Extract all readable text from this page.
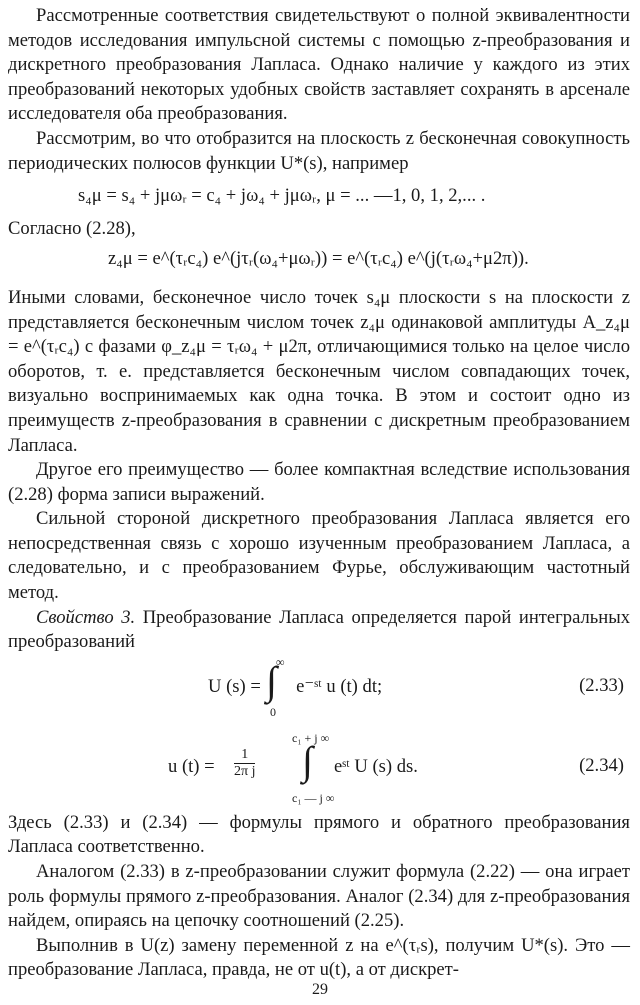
Рассмотренные соответствия свидетельствуют о полной эквивалентности методов исследования импульсной системы с помощью z-преобразования и дискретного преобразования Лапласа. Однако наличие у каждого из этих преобразований некоторых удобных свойств заставляет сохранять в арсенале исследователя оба преобразования.

Рассмотрим, во что отобразится на плоскость z бесконечная совокупность периодических полюсов функции U*(s), например

s₄μ = s₄ + jμωᵣ = c₄ + jω₄ + jμωᵣ, μ = ... —1, 0, 1, 2,... .

Согласно (2.28),

z₄μ = e^(τᵣc₄) e^(jτᵣ(ω₄+μωᵣ)) = e^(τᵣc₄) e^(j(τᵣω₄+μ2π)).

Иными словами, бесконечное число точек s₄μ плоскости s на плоскости z представляется бесконечным числом точек z₄μ одинаковой амплитуды A_z₄μ = e^(τᵣc₄) с фазами φ_z₄μ = τᵣω₄ + μ2π, отличающимися только на целое число оборотов, т. е. представляется бесконечным числом совпадающих точек, визуально воспринимаемых как одна точка. В этом и состоит одно из преимуществ z-преобразования в сравнении с дискретным преобразованием Лапласа.

Другое его преимущество — более компактная вследствие использования (2.28) форма записи выражений.

Сильной стороной дискретного преобразования Лапласа является его непосредственная связь с хорошо изученным преобразованием Лапласа, а следовательно, и с преобразованием Фурье, обслуживающим частотный метод.

Свойство 3. Преобразование Лапласа определяется парой интегральных преобразований

U (s) = e⁻ˢᵗ u (t) dt;
∫ ∞
0
(2.33)
u (t) =	eˢᵗ U (s) ds.
$\frac{1}{\text{2π j}}$ ∫
c₁ + j ∞
c₁ — j ∞
(2.34)

Здесь (2.33) и (2.34) — формулы прямого и обратного преобразования Лапласа соответственно.

Аналогом (2.33) в z-преобразовании служит формула (2.22) — она играет роль формулы прямого z-преобразования. Аналог (2.34) для z-преобразования найдем, опираясь на цепочку соотношений (2.25).

Выполнив в U(z) замену переменной z на e^(τᵣs), получим U*(s). Это — преобразование Лапласа, правда, не от u(t), а от дискрет-

29
